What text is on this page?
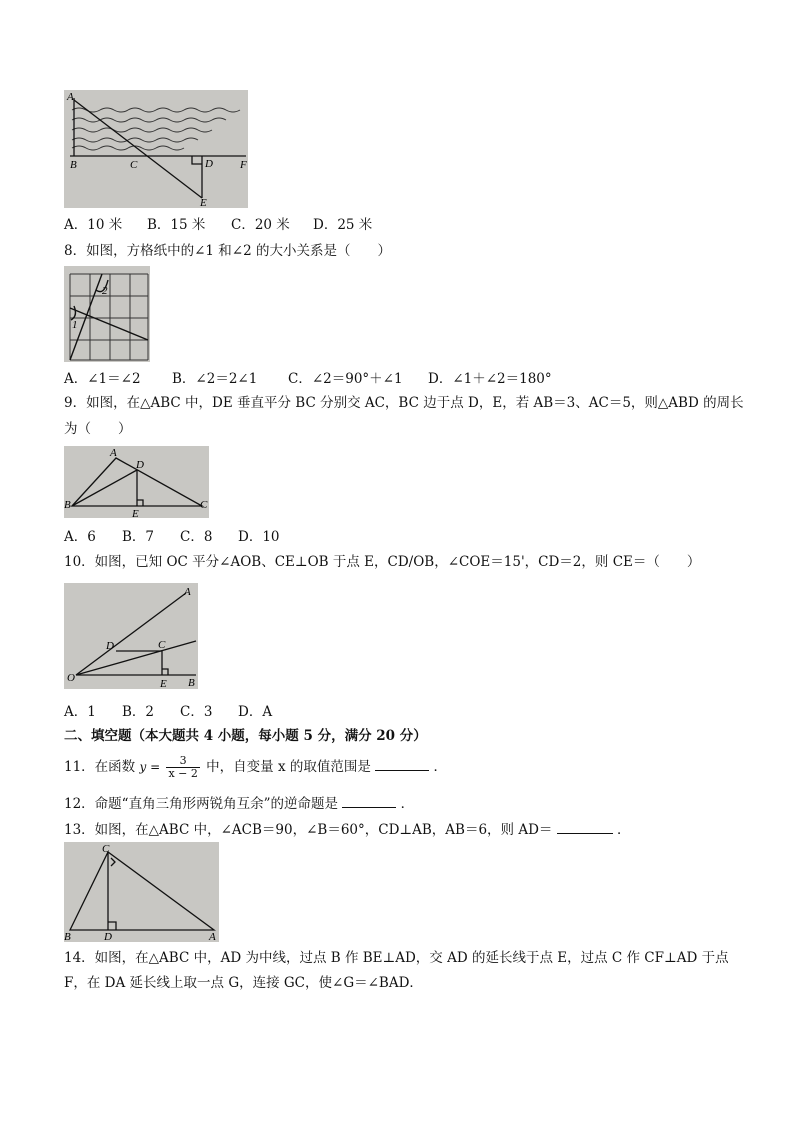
A
B	C	D
E
F
A．10 米 B．15 米 C．20 米 D．25 米
8．如图，方格纸中的∠1 和∠2 的大小关系是（　　）
2
1
A．∠1＝∠2 B．∠2＝2∠1 C．∠2＝90°＋∠1 D．∠1＋∠2＝180°
9．如图，在△ABC 中，DE 垂直平分 BC 分别交 AC，BC 边于点 D，E，若 AB＝3、AC＝5，则△ABD 的周长
为（　　）
A
D
B	C
E
A．6 B．7 C．8 D．10
10．如图，已知 OC 平分∠AOB、CE⊥OB 于点 E，CD/OB，∠COE＝15'，CD＝2，则 CE＝（　　）
A
D	C
O	E B
A．1 B．2 C．3 D．A
二、填空题（本大题共 4 小题，每小题 5 分，满分 20 分）
11．在函数 $y = \frac{3}{x - 2}$ 中，自变量 x 的取值范围是	．
12．命题“直角三角形两锐角互余”的逆命题是	．
13．如图，在△ABC 中，∠ACB＝90，∠B＝60°，CD⊥AB，AB＝6，则 AD＝	．
C
B	D	A
14．如图，在△ABC 中，AD 为中线，过点 B 作 BE⊥AD，交 AD 的延长线于点 E，过点 C 作 CF⊥AD 于点
F，在 DA 延长线上取一点 G，连接 GC，使∠G＝∠BAD．
